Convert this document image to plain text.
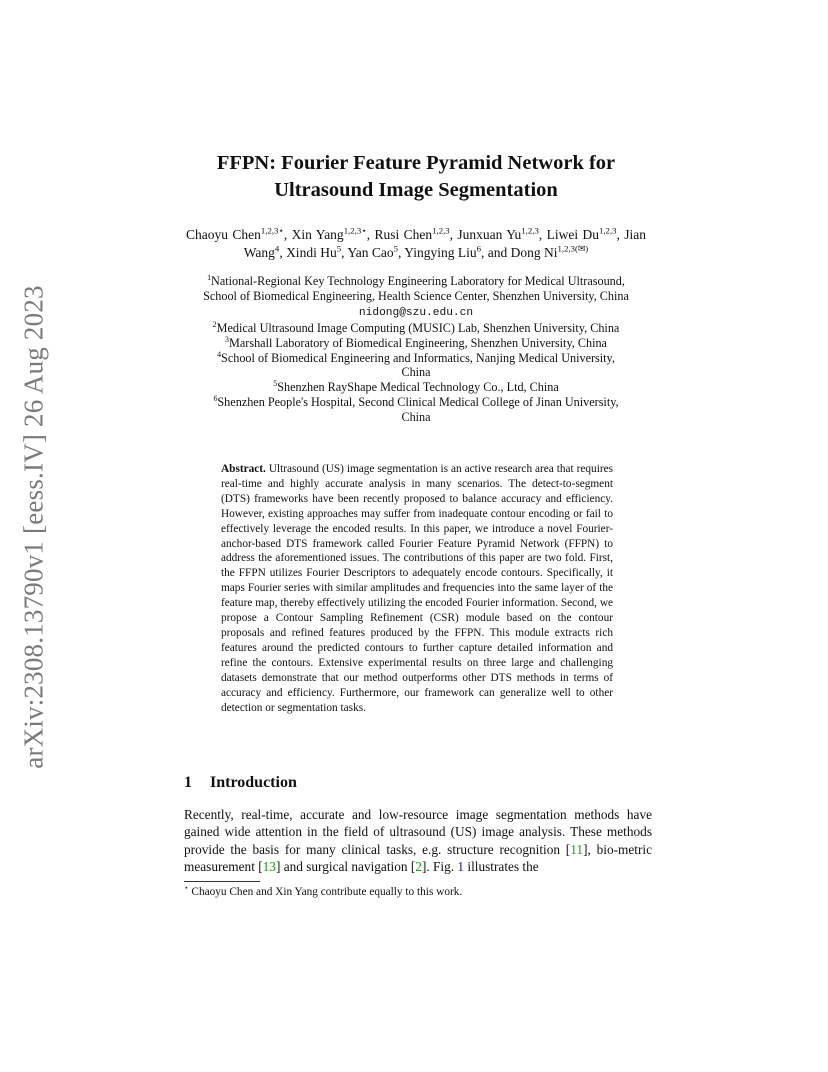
arXiv:2308.13790v1 [eess.IV] 26 Aug 2023
FFPN: Fourier Feature Pyramid Network for
Ultrasound Image Segmentation
Chaoyu Chen$^{1,2,3⋆}$, Xin Yang$^{1,2,3⋆}$, Rusi Chen$^{1,2,3}$, Junxuan Yu$^{1,2,3}$, Liwei Du$^{1,2,3}$, Jian Wang$^4$, Xindi Hu$^5$, Yan Cao$^5$, Yingying Liu$^6$, and Dong $Ni^{1,2,3(✉)}$
$^1$National-Regional Key Technology Engineering Laboratory for Medical Ultrasound,
School of Biomedical Engineering, Health Science Center, Shenzhen University, China
nidong@szu.edu.cn
$^2$Medical Ultrasound Image Computing (MUSIC) Lab, Shenzhen University, China
$^3$Marshall Laboratory of Biomedical Engineering, Shenzhen University, China
$^4$School of Biomedical Engineering and Informatics, Nanjing Medical University,
China
$^5$Shenzhen RayShape Medical Technology Co., Ltd, China
$^6$Shenzhen People's Hospital, Second Clinical Medical College of Jinan University,
China
Abstract. Ultrasound (US) image segmentation is an active research area that requires real-time and highly accurate analysis in many scenarios. The detect-to-segment (DTS) frameworks have been recently proposed to balance accuracy and efficiency. However, existing approaches may suffer from inadequate contour encoding or fail to effectively leverage the encoded results. In this paper, we introduce a novel Fourier-anchor-based DTS framework called Fourier Feature Pyramid Network (FFPN) to address the aforementioned issues. The contributions of this paper are two fold. First, the FFPN utilizes Fourier Descriptors to adequately encode contours. Specifically, it maps Fourier series with similar amplitudes and frequencies into the same layer of the feature map, thereby effectively utilizing the encoded Fourier information. Second, we propose a Contour Sampling Refinement (CSR) module based on the contour proposals and refined features produced by the FFPN. This module extracts rich features around the predicted contours to further capture detailed information and refine the contours. Extensive experimental results on three large and challenging datasets demonstrate that our method outperforms other DTS methods in terms of accuracy and efficiency. Furthermore, our framework can generalize well to other detection or segmentation tasks.
1 Introduction
Recently, real-time, accurate and low-resource image segmentation methods have gained wide attention in the field of ultrasound (US) image analysis. These methods provide the basis for many clinical tasks, e.g. structure recognition [11], bio-metric measurement [13] and surgical navigation [2]. Fig. 1 illustrates the
⋆ Chaoyu Chen and Xin Yang contribute equally to this work.
